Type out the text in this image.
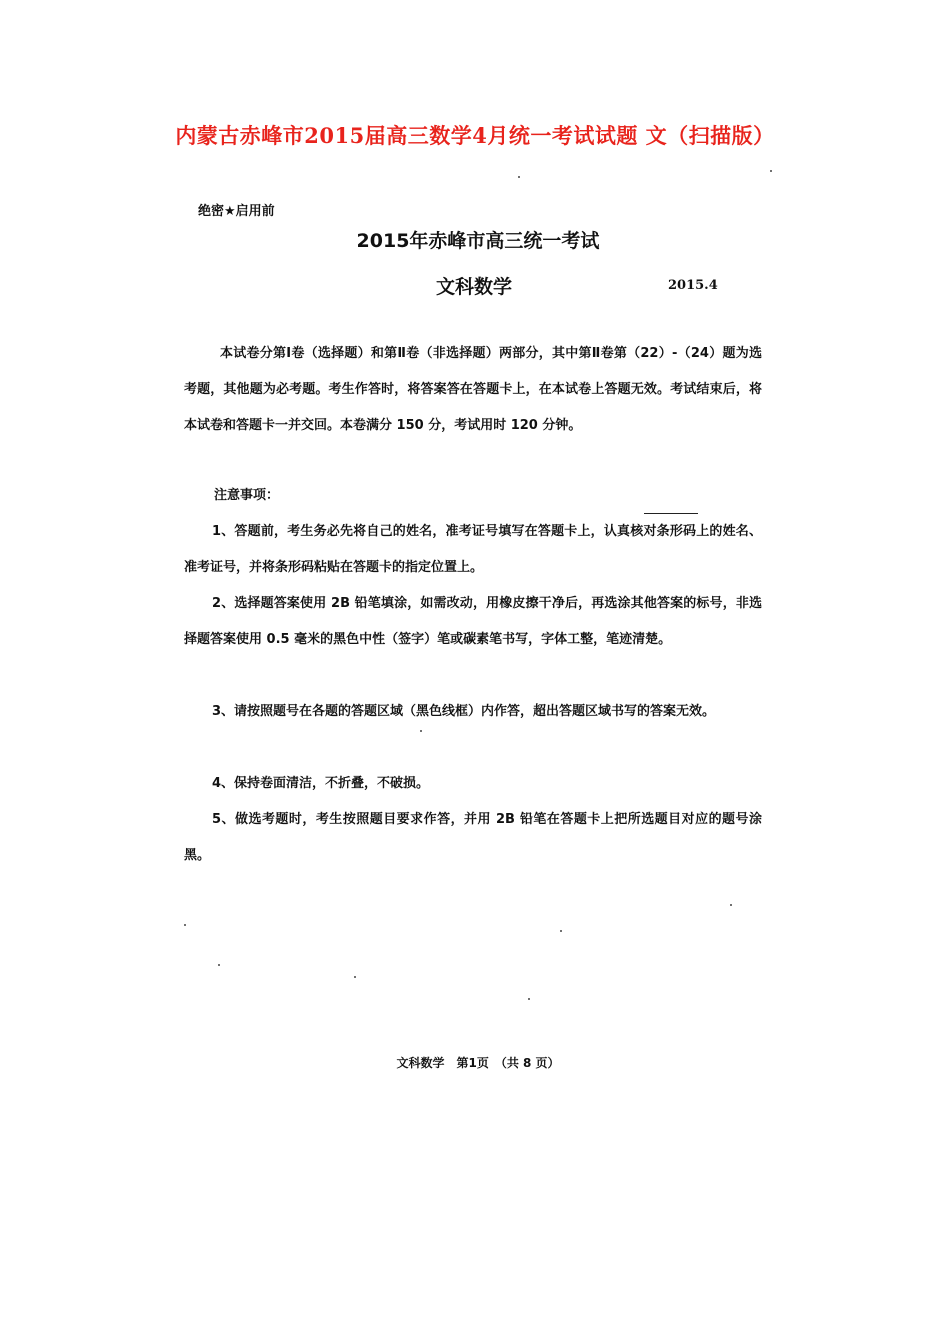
内蒙古赤峰市2015届高三数学4月统一考试试题 文（扫描版）
绝密★启用前
2015年赤峰市高三统一考试
文科数学	2015.4

本试卷分第Ⅰ卷（选择题）和第Ⅱ卷（非选择题）两部分，其中第Ⅱ卷第（22）-（24）题为选考题，其他题为必考题。考生作答时，将答案答在答题卡上，在本试卷上答题无效。考试结束后，将本试卷和答题卡一并交回。本卷满分 150 分，考试用时 120 分钟。

注意事项：

1、答题前，考生务必先将自己的姓名，准考证号填写在答题卡上，认真核对条形码上的姓名、准考证号，并将条形码粘贴在答题卡的指定位置上。

2、选择题答案使用 2B 铅笔填涂，如需改动，用橡皮擦干净后，再选涂其他答案的标号，非选择题答案使用 0.5 毫米的黑色中性（签字）笔或碳素笔书写，字体工整，笔迹清楚。

3、请按照题号在各题的答题区域（黑色线框）内作答，超出答题区域书写的答案无效。

4、保持卷面清洁，不折叠，不破损。

5、做选考题时，考生按照题目要求作答，并用 2B 铅笔在答题卡上把所选题目对应的题号涂黑。

文科数学　第1页　（共 8 页）
